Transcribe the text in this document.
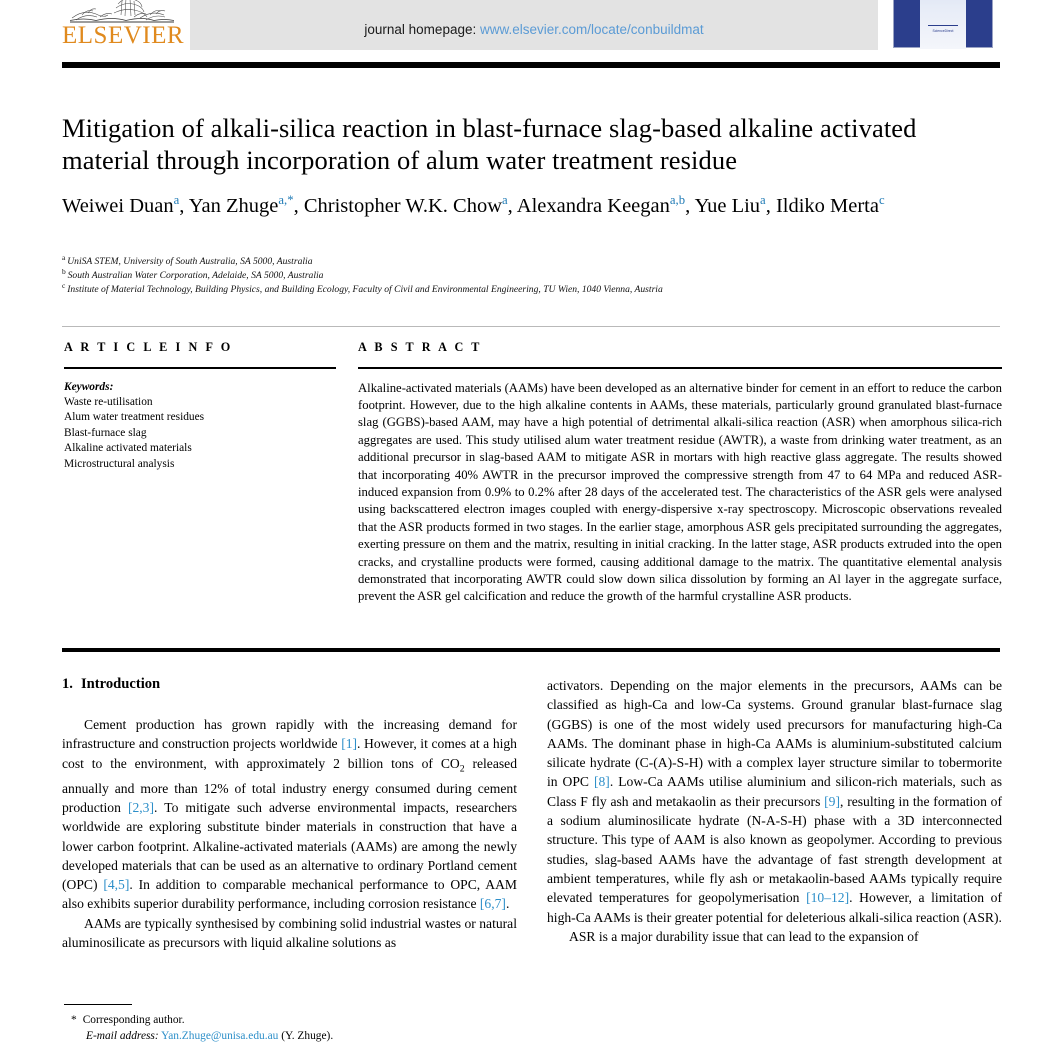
journal homepage: www.elsevier.com/locate/conbuildmat
ELSEVIER	ScienceDirect
Mitigation of alkali-silica reaction in blast-furnace slag-based alkaline activated material through incorporation of alum water treatment residue
Weiwei Duan$^a$, Yan Zhuge$^{a,*}$, Christopher W.K. Chow$^a$, Alexandra Keegan$^{a,b}$, Yue Liu$^a$, Ildiko Merta$^c$
$^a$ UniSA STEM, University of South Australia, SA 5000, Australia
$^b$ South Australian Water Corporation, Adelaide, SA 5000, Australia
$^c$ Institute of Material Technology, Building Physics, and Building Ecology, Faculty of Civil and Environmental Engineering, TU Wien, 1040 Vienna, Austria
A R T I C L E I N F O
Keywords:
Waste re-utilisation
Alum water treatment residues
Blast-furnace slag
Alkaline activated materials
Microstructural analysis
A B S T R A C T

Alkaline-activated materials (AAMs) have been developed as an alternative binder for cement in an effort to reduce the carbon footprint. However, due to the high alkaline contents in AAMs, these materials, particularly ground granulated blast-furnace slag (GGBS)-based AAM, may have a high potential of detrimental alkali-silica reaction (ASR) when amorphous silica-rich aggregates are used. This study utilised alum water treatment residue (AWTR), a waste from drinking water treatment, as an additional precursor in slag-based AAM to mitigate ASR in mortars with high reactive glass aggregate. The results showed that incorporating 40% AWTR in the precursor improved the compressive strength from 47 to 64 MPa and reduced ASR-induced expansion from 0.9% to 0.2% after 28 days of the accelerated test. The characteristics of the ASR gels were analysed using backscattered electron images coupled with energy-dispersive x-ray spectroscopy. Microscopic observations revealed that the ASR products formed in two stages. In the earlier stage, amorphous ASR gels precipitated surrounding the aggregates, exerting pressure on them and the matrix, resulting in initial cracking. In the latter stage, ASR products extruded into the open cracks, and crystalline products were formed, causing additional damage to the matrix. The quantitative elemental analysis demonstrated that incorporating AWTR could slow down silica dissolution by forming an Al layer in the aggregate surface, prevent the ASR gel calcification and reduce the growth of the harmful crystalline ASR products.

1. Introduction

Cement production has grown rapidly with the increasing demand for infrastructure and construction projects worldwide [1]. However, it comes at a high cost to the environment, with approximately 2 billion tons of $CO_2$ released annually and more than 12% of total industry energy consumed during cement production [2,3]. To mitigate such adverse environmental impacts, researchers worldwide are exploring substitute binder materials in construction that have a lower carbon footprint. Alkaline-activated materials (AAMs) are among the newly developed materials that can be used as an alternative to ordinary Portland cement (OPC) [4,5]. In addition to comparable mechanical performance to OPC, AAM also exhibits superior durability performance, including corrosion resistance [6,7].

AAMs are typically synthesised by combining solid industrial wastes or natural aluminosilicate as precursors with liquid alkaline solutions as

activators. Depending on the major elements in the precursors, AAMs can be classified as high-Ca and low-Ca systems. Ground granular blast-furnace slag (GGBS) is one of the most widely used precursors for manufacturing high-Ca AAMs. The dominant phase in high-Ca AAMs is aluminium-substituted calcium silicate hydrate (C-(A)-S-H) with a complex layer structure similar to tobermorite in OPC [8]. Low-Ca AAMs utilise aluminium and silicon-rich materials, such as Class F fly ash and metakaolin as their precursors [9], resulting in the formation of a sodium aluminosilicate hydrate (N-A-S-H) phase with a 3D interconnected structure. This type of AAM is also known as geopolymer. According to previous studies, slag-based AAMs have the advantage of fast strength development at ambient temperatures, while fly ash or metakaolin-based AAMs typically require elevated temperatures for geopolymerisation [10–12]. However, a limitation of high-Ca AAMs is their greater potential for deleterious alkali-silica reaction (ASR).

ASR is a major durability issue that can lead to the expansion of

* Corresponding author.

E-mail address: Yan.Zhuge@unisa.edu.au (Y. Zhuge).
